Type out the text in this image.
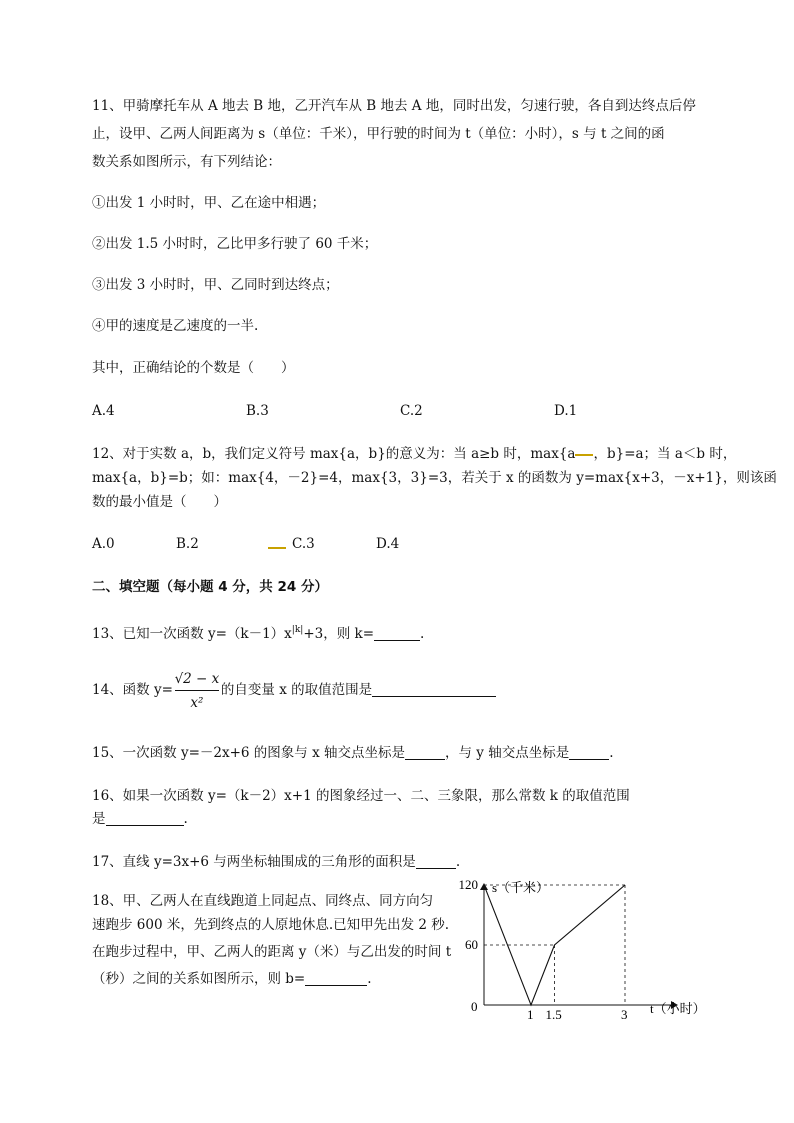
11、甲骑摩托车从 A 地去 B 地，乙开汽车从 B 地去 A 地，同时出发，匀速行驶，各自到达终点后停
止，设甲、乙两人间距离为 s（单位：千米），甲行驶的时间为 t（单位：小时），s 与 t 之间的函
数关系如图所示，有下列结论：
①出发 1 小时时，甲、乙在途中相遇；
②出发 1.5 小时时，乙比甲多行驶了 60 千米；
③出发 3 小时时，甲、乙同时到达终点；
④甲的速度是乙速度的一半.
其中，正确结论的个数是（　　）
A.4	B.3	C.2	D.1
12、对于实数 a，b，我们定义符号 max{a，b}的意义为：当 a≥b 时，max{a ，b}=a；当 a＜b 时，
max{a，b}=b；如：max{4，－2}=4，max{3，3}=3，若关于 x 的函数为 y=max{x+3，－x+1}，则该函
数的最小值是（　　）
A.0	B.2	C.3	D.4
二、填空题（每小题 4 分，共 24 分）
13、已知一次函数 $y=(k-1)x^{|k|}+3$，则 k=	.
14、函数 $y= \frac{√2 - x}{\text{x²}}$ 的自变量 x 的取值范围是
15、一次函数 y=－2x+6 的图象与 x 轴交点坐标是	，与 y 轴交点坐标是	.
16、如果一次函数 y=（k－2）x+1 的图象经过一、二、三象限，那么常数 k 的取值范围
是	.
17、直线 y=3x+6 与两坐标轴围成的三角形的面积是	.
18、甲、乙两人在直线跑道上同起点、同终点、同方向匀
速跑步 600 米，先到终点的人原地休息.已知甲先出发 2 秒.
在跑步过程中，甲、乙两人的距离 y（米）与乙出发的时间 t
（秒）之间的关系如图所示，则 b=	.
1 1.5	3
120
60
s（千米）
t（小时）
0
